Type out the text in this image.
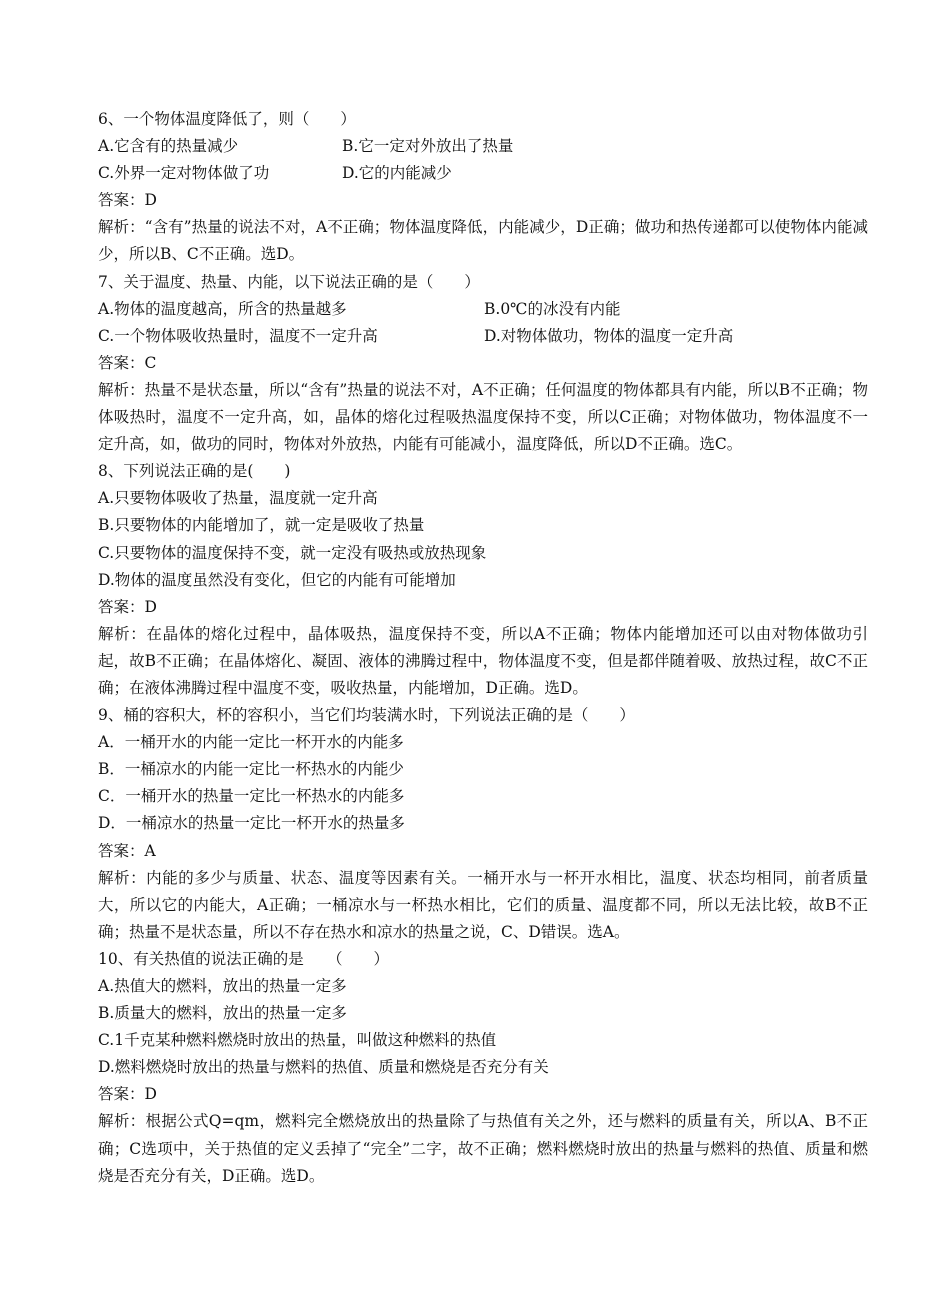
6、一个物体温度降低了，则（　　）
A.它含有的热量减少	B.它一定对外放出了热量
C.外界一定对物体做了功	D.它的内能减少
答案：D
解析：“含有”热量的说法不对，A不正确；物体温度降低，内能减少，D正确；做功和热传递都可以使物体内能减少，所以B、C不正确。选D。
7、关于温度、热量、内能，以下说法正确的是（　　）
A.物体的温度越高，所含的热量越多	B.0℃的冰没有内能
C.一个物体吸收热量时，温度不一定升高	D.对物体做功，物体的温度一定升高
答案：C
解析：热量不是状态量，所以“含有”热量的说法不对，A不正确；任何温度的物体都具有内能，所以B不正确；物体吸热时，温度不一定升高，如，晶体的熔化过程吸热温度保持不变，所以C正确；对物体做功，物体温度不一定升高，如，做功的同时，物体对外放热，内能有可能减小，温度降低，所以D不正确。选C。
8、下列说法正确的是(　　)
A.只要物体吸收了热量，温度就一定升高
B.只要物体的内能增加了，就一定是吸收了热量
C.只要物体的温度保持不变，就一定没有吸热或放热现象
D.物体的温度虽然没有变化，但它的内能有可能增加
答案：D
解析：在晶体的熔化过程中，晶体吸热，温度保持不变，所以A不正确；物体内能增加还可以由对物体做功引起，故B不正确；在晶体熔化、凝固、液体的沸腾过程中，物体温度不变，但是都伴随着吸、放热过程，故C不正确；在液体沸腾过程中温度不变，吸收热量，内能增加，D正确。选D。
9、桶的容积大，杯的容积小，当它们均装满水时，下列说法正确的是（　　）
A．一桶开水的内能一定比一杯开水的内能多
B．一桶凉水的内能一定比一杯热水的内能少
C．一桶开水的热量一定比一杯热水的内能多
D．一桶凉水的热量一定比一杯开水的热量多
答案：A
解析：内能的多少与质量、状态、温度等因素有关。一桶开水与一杯开水相比，温度、状态均相同，前者质量大，所以它的内能大，A正确；一桶凉水与一杯热水相比，它们的质量、温度都不同，所以无法比较，故B不正确；热量不是状态量，所以不存在热水和凉水的热量之说，C、D错误。选A。
10、有关热值的说法正确的是　　（　　）
A.热值大的燃料，放出的热量一定多
B.质量大的燃料，放出的热量一定多
C.1千克某种燃料燃烧时放出的热量，叫做这种燃料的热值
D.燃料燃烧时放出的热量与燃料的热值、质量和燃烧是否充分有关
答案：D
解析：根据公式Q=qm，燃料完全燃烧放出的热量除了与热值有关之外，还与燃料的质量有关，所以A、B不正确；C选项中，关于热值的定义丢掉了“完全”二字，故不正确；燃料燃烧时放出的热量与燃料的热值、质量和燃烧是否充分有关，D正确。选D。
